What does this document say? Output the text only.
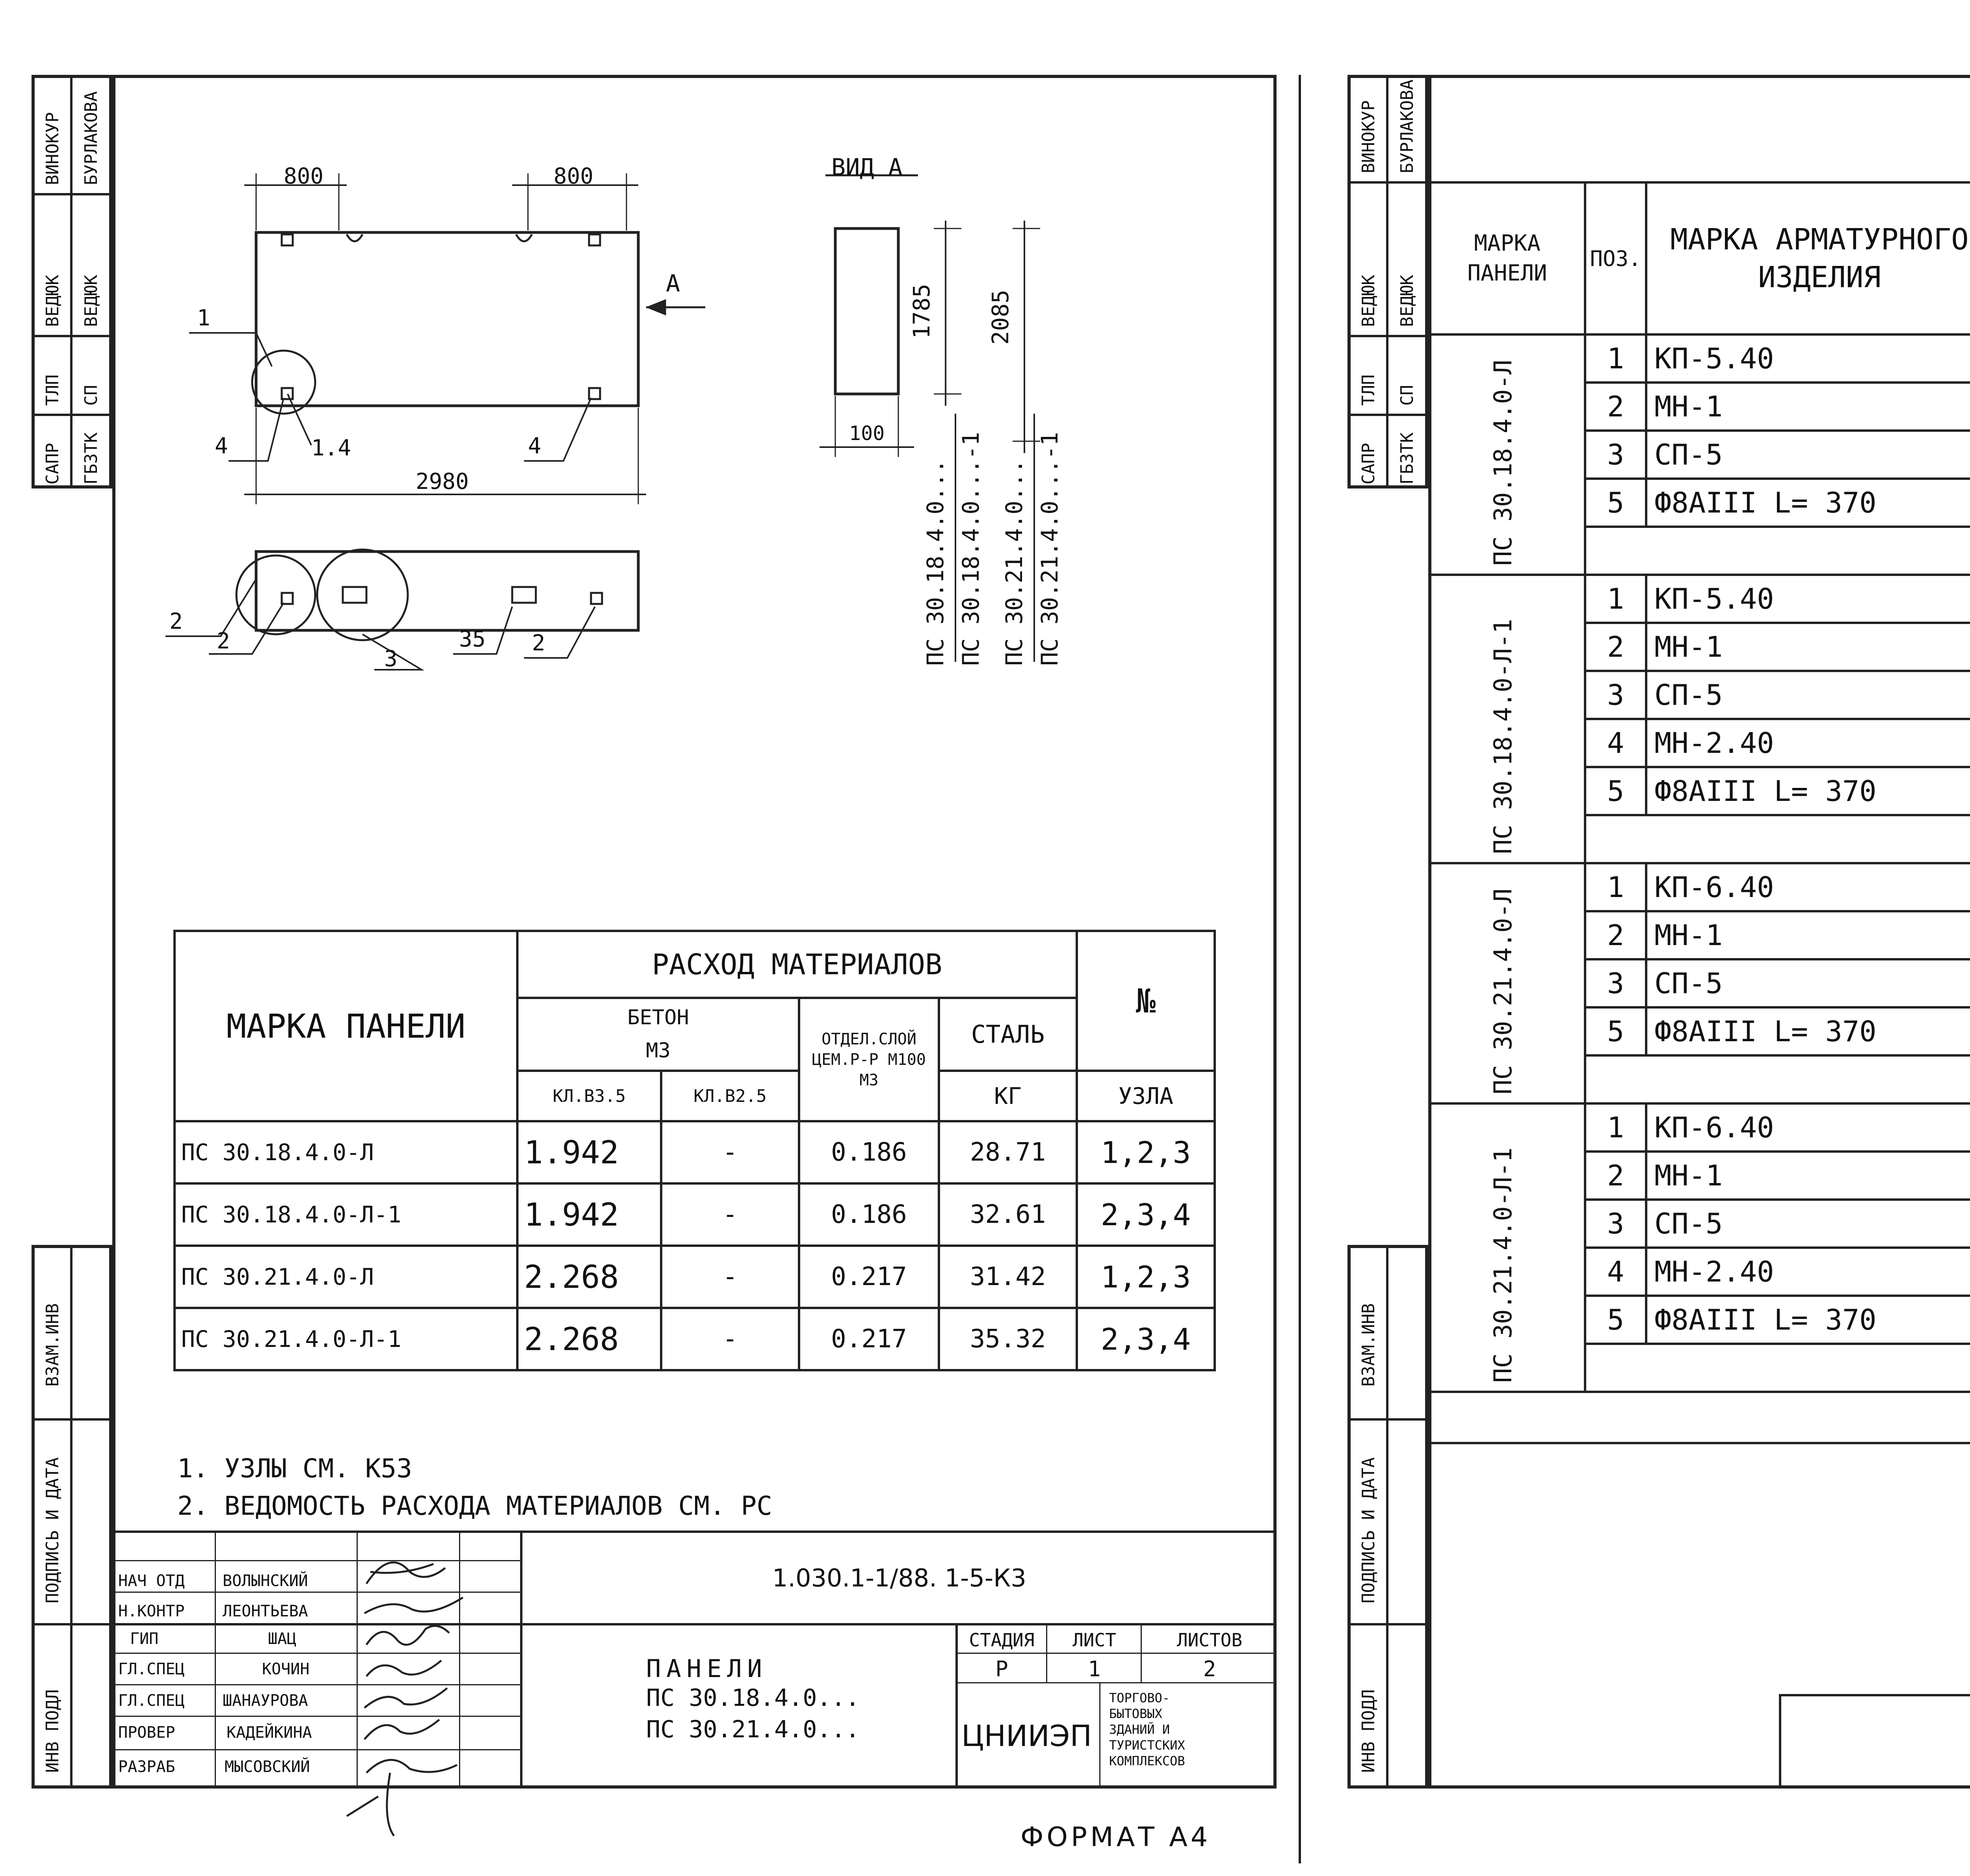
ВИНОКУР БУРЛАКОВА
ВЕДЮК ВЕДЮК
ТЛП СП
САПР ГБЗТК
ВЗАМ.ИНВ
ПОДПИСЬ И ДАТА
ИНВ ПОДЛ
800	800
2980
А
ВИД А
100
1785 2085
ПС 30.18.4.0... ПС 30.18.4.0...-1 ПС 30.21.4.0... ПС 30.21.4.0...-1
1
4	1.4	4
2
2
3
35 2
МАРКА ПАНЕЛИ	РАСХОД МАТЕРИАЛОВ				№

	БЕТОН
М3		ОТДЕЛ.СЛОЙ ЦЕМ.Р-Р М100 М3	СТАЛЬ	
	КЛ.В3.5	КЛ.В2.5		КГ	УЗЛА
ПС 30.18.4.0-Л	1.942	-	0.186	28.71	1,2,3
ПС 30.18.4.0-Л-1	1.942	-	0.186	32.61	2,3,4
ПС 30.21.4.0-Л	2.268	-	0.217	31.42	1,2,3
ПС 30.21.4.0-Л-1	2.268	-	0.217	35.32	2,3,4
1. УЗЛЫ СМ. К53
2. ВЕДОМОСТЬ РАСХОДА МАТЕРИАЛОВ СМ. РС
НАЧ ОТД ВОЛЫНСКИЙ
Н.КОНТР ЛЕОНТЬЕВА
ГИП	ШАЦ
ГЛ.СПЕЦ	КОЧИН
ГЛ.СПЕЦ ШАНАУРОВА
ПРОВЕР	КАДЕЙКИНА
РАЗРАБ	МЫСОВСКИЙ
1.030.1-1/88. 1-5-К3
ПАНЕЛИ
ПС 30.18.4.0...
ПС 30.21.4.0...
СТАДИЯ	ЛИСТ	ЛИСТОВ
Р	1	2
ЦНИИЭП
ТОРГОВО-БЫТОВЫХ ЗДАНИЙ И ТУРИСТСКИХ КОМПЛЕКСОВ
ФОРМАТ А4
ВИНОКУР БУРЛАКОВА
ВЕДЮК ВЕДЮК
ТЛП СП
САПР ГБЗТК
ВЗАМ.ИНВ
ПОДПИСЬ И ДАТА
ИНВ ПОДЛ
МАРКА ПАНЕЛИ	ПОЗ.	МАРКА АРМАТУРНОГО ИЗДЕЛИЯ			

ПС 30.18.4.0-Л	1	КП-5.40				
	2	МН-1				
	3	СП-5				
	5	Ф8АIII L= 370				

ПС 30.18.4.0-Л-1	1	КП-5.40				
	2	МН-1				
	3	СП-5				
	4	МН-2.40				
	5	Ф8АIII L= 370				

ПС 30.21.4.0-Л	1	КП-6.40				
	2	МН-1				
	3	СП-5				
	5	Ф8АIII L= 370				

ПС 30.21.4.0-Л-1	1	КП-6.40				
	2	МН-1				
	3	СП-5				
	4	МН-2.40				
	5	Ф8АIII L= 370				
